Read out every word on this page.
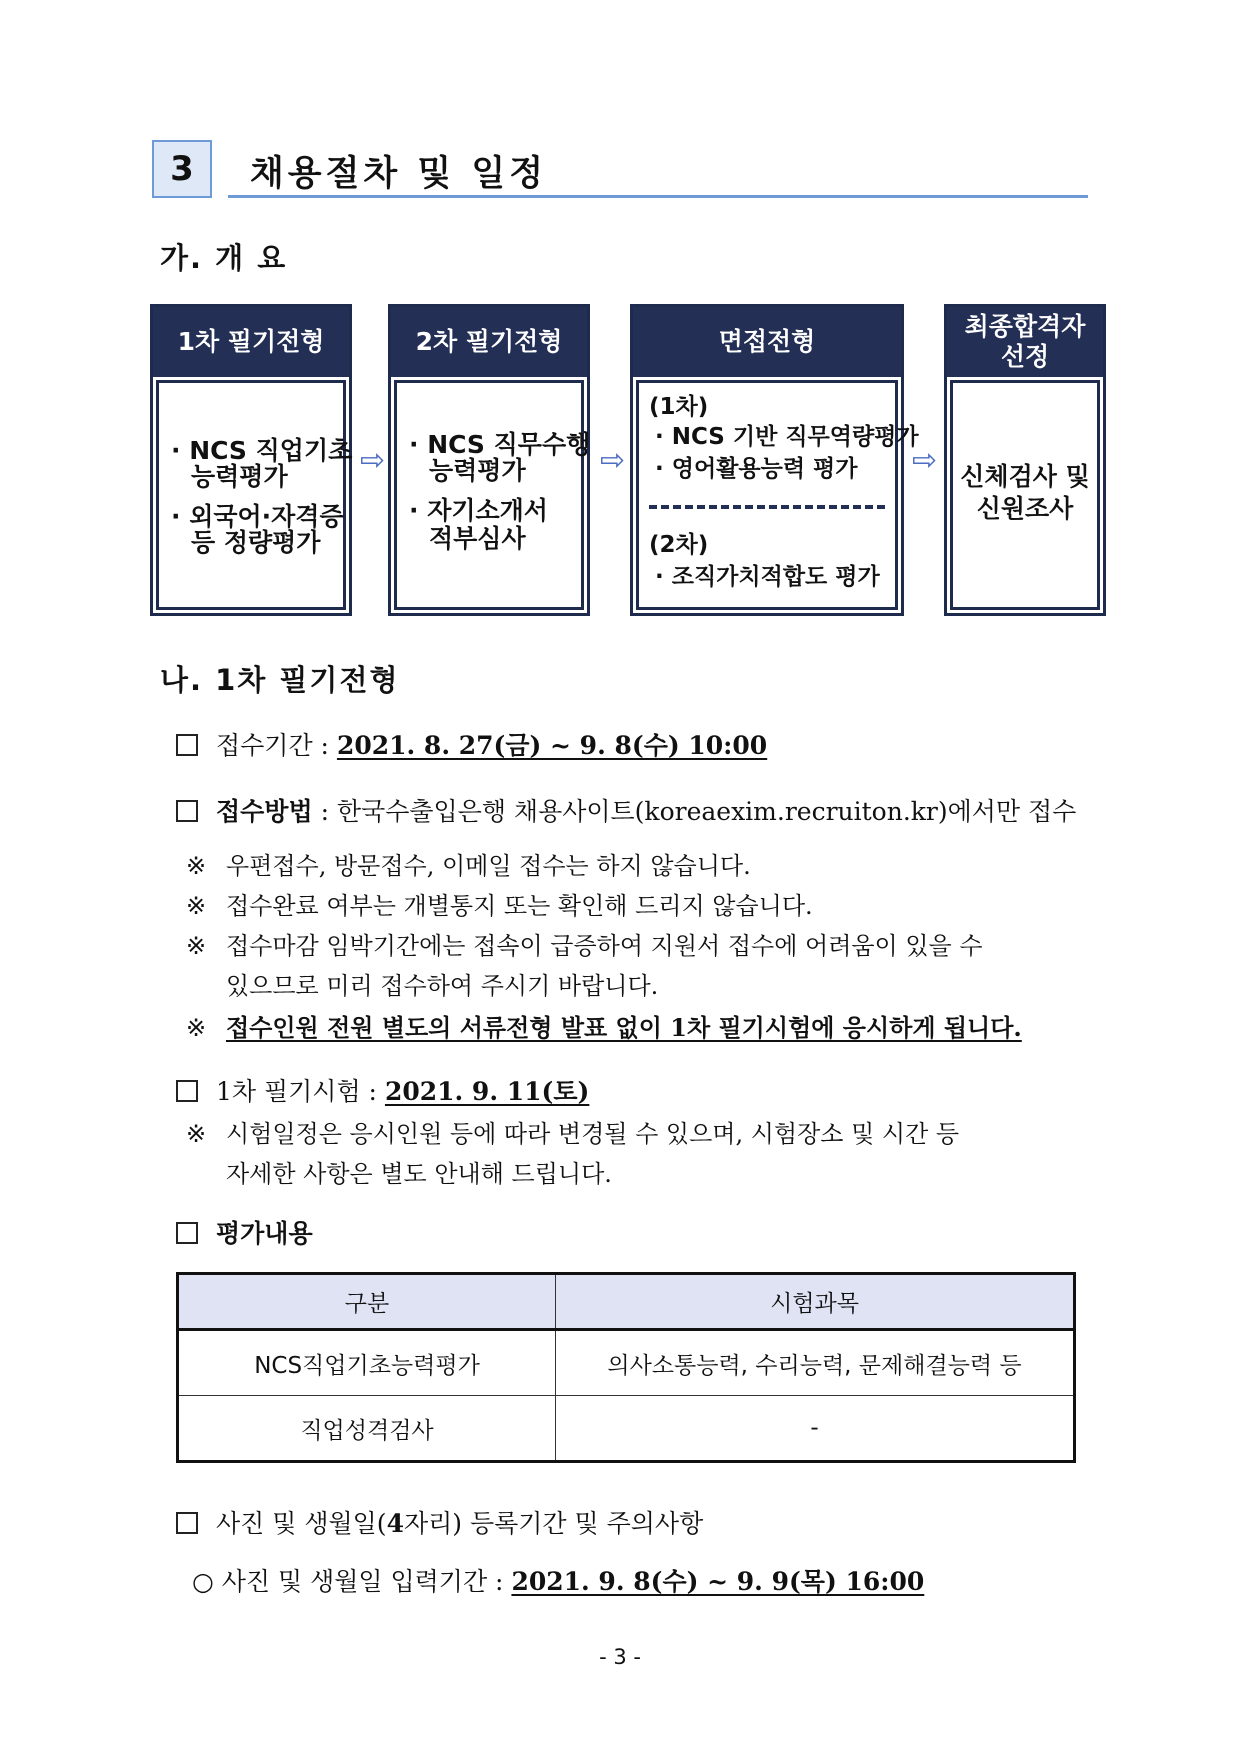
3	채용절차 및 일정
가. 개 요
1차 필기전형
· NCS 직업기초
능력평가
· 외국어·자격증
등 정량평가
⇨
2차 필기전형
· NCS 직무수행
능력평가
· 자기소개서
적부심사
⇨
면접전형
(1차)
· NCS 기반 직무역량평가
· 영어활용능력 평가
(2차)
· 조직가치적합도 평가
⇨
최종합격자
선정
신체검사 및
신원조사
나. 1차 필기전형
접수기간 : 2021. 8. 27(금) ~ 9. 8(수) 10:00
접수방법 : 한국수출입은행 채용사이트(koreaexim.recruiton.kr)에서만 접수
※ 우편접수, 방문접수, 이메일 접수는 하지 않습니다.
※ 접수완료 여부는 개별통지 또는 확인해 드리지 않습니다.
※ 접수마감 임박기간에는 접속이 급증하여 지원서 접수에 어려움이 있을 수
있으므로 미리 접수하여 주시기 바랍니다.
※ 접수인원 전원 별도의 서류전형 발표 없이 1차 필기시험에 응시하게 됩니다.
1차 필기시험 : 2021. 9. 11(토)
※ 시험일정은 응시인원 등에 따라 변경될 수 있으며, 시험장소 및 시간 등
자세한 사항은 별도 안내해 드립니다.
평가내용
구분	시험과목
NCS직업기초능력평가	의사소통능력, 수리능력, 문제해결능력 등
직업성격검사	-
사진 및 생월일(4자리) 등록기간 및 주의사항
○ 사진 및 생월일 입력기간 : 2021. 9. 8(수) ~ 9. 9(목) 16:00
- 3 -
